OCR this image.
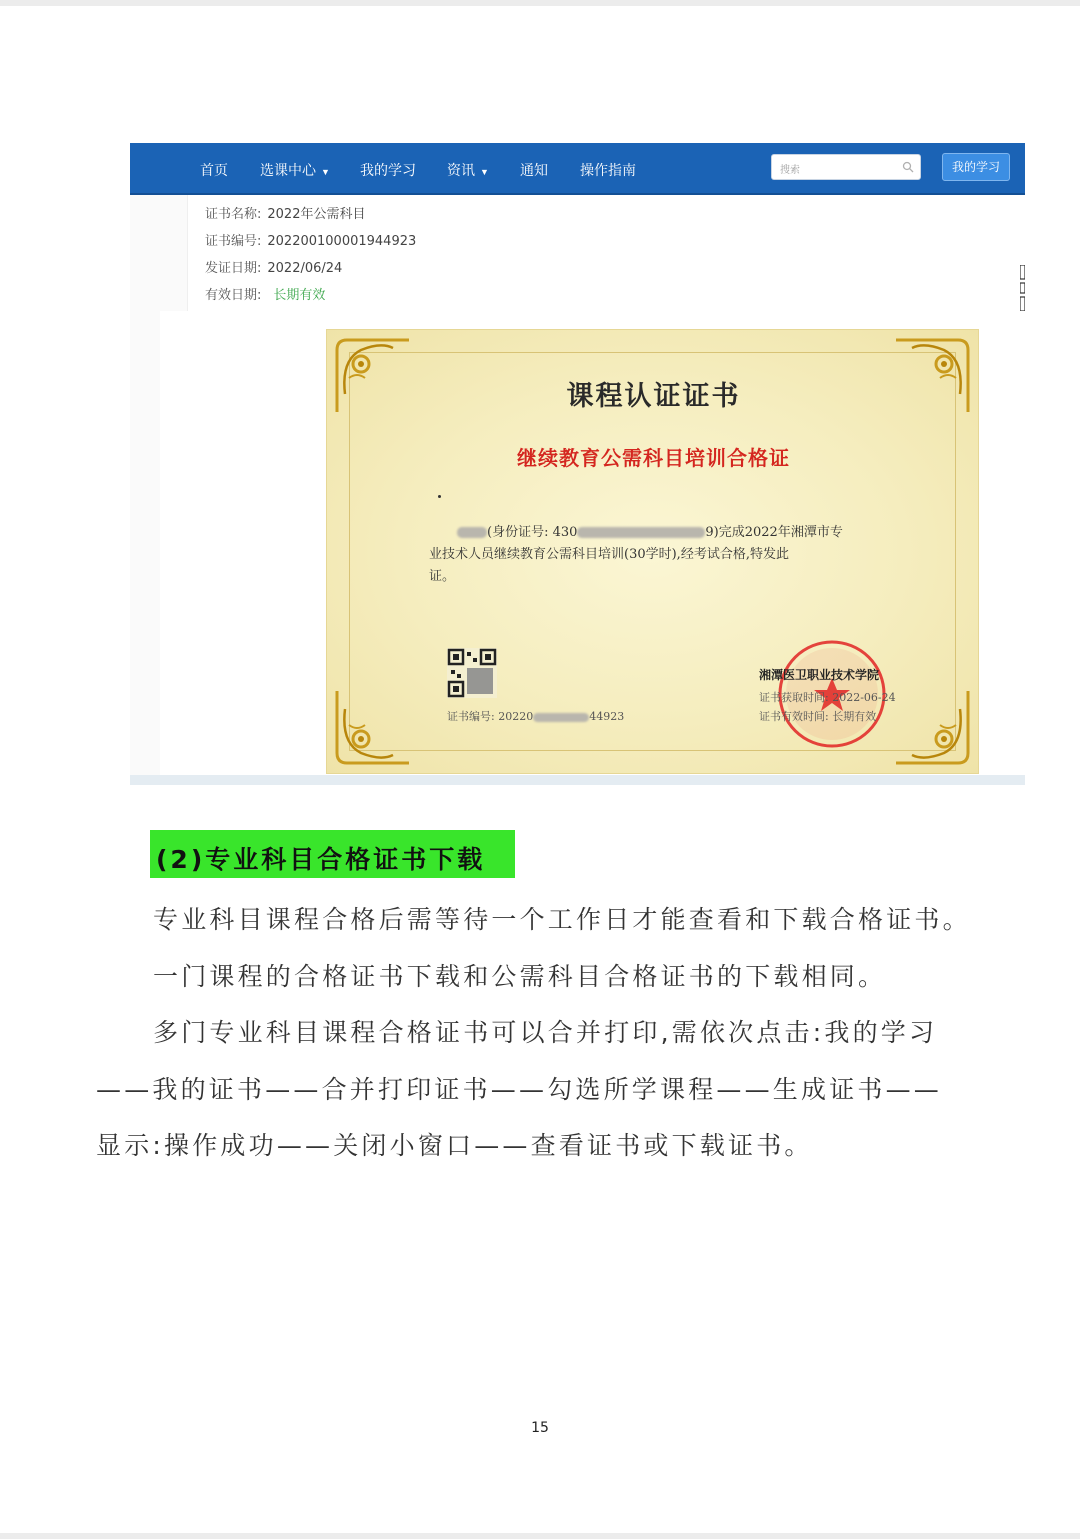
首页 选课中心 ▼ 我的学习 资讯 ▼ 通知 操作指南	搜索	我的学习
证书名称: 2022年公需科目
证书编号: 202200100001944923
发证日期: 2022/06/24
有效日期: 长期有效
课程认证证书
继续教育公需科目培训合格证
(身份证号: 430	9)完成2022年湘潭市专
业技术人员继续教育公需科目培训(30学时),经考试合格,特发此
证。
证书编号: 20220	44923
湘潭医卫职业技术学院
证书获取时间: 2022-06-24
证书有效时间: 长期有效
(2)专业科目合格证书下载
专业科目课程合格后需等待一个工作日才能查看和下载合格证书。
一门课程的合格证书下载和公需科目合格证书的下载相同。
多门专业科目课程合格证书可以合并打印,需依次点击:我的学习
——我的证书——合并打印证书——勾选所学课程——生成证书——
显示:操作成功——关闭小窗口——查看证书或下载证书。
15
